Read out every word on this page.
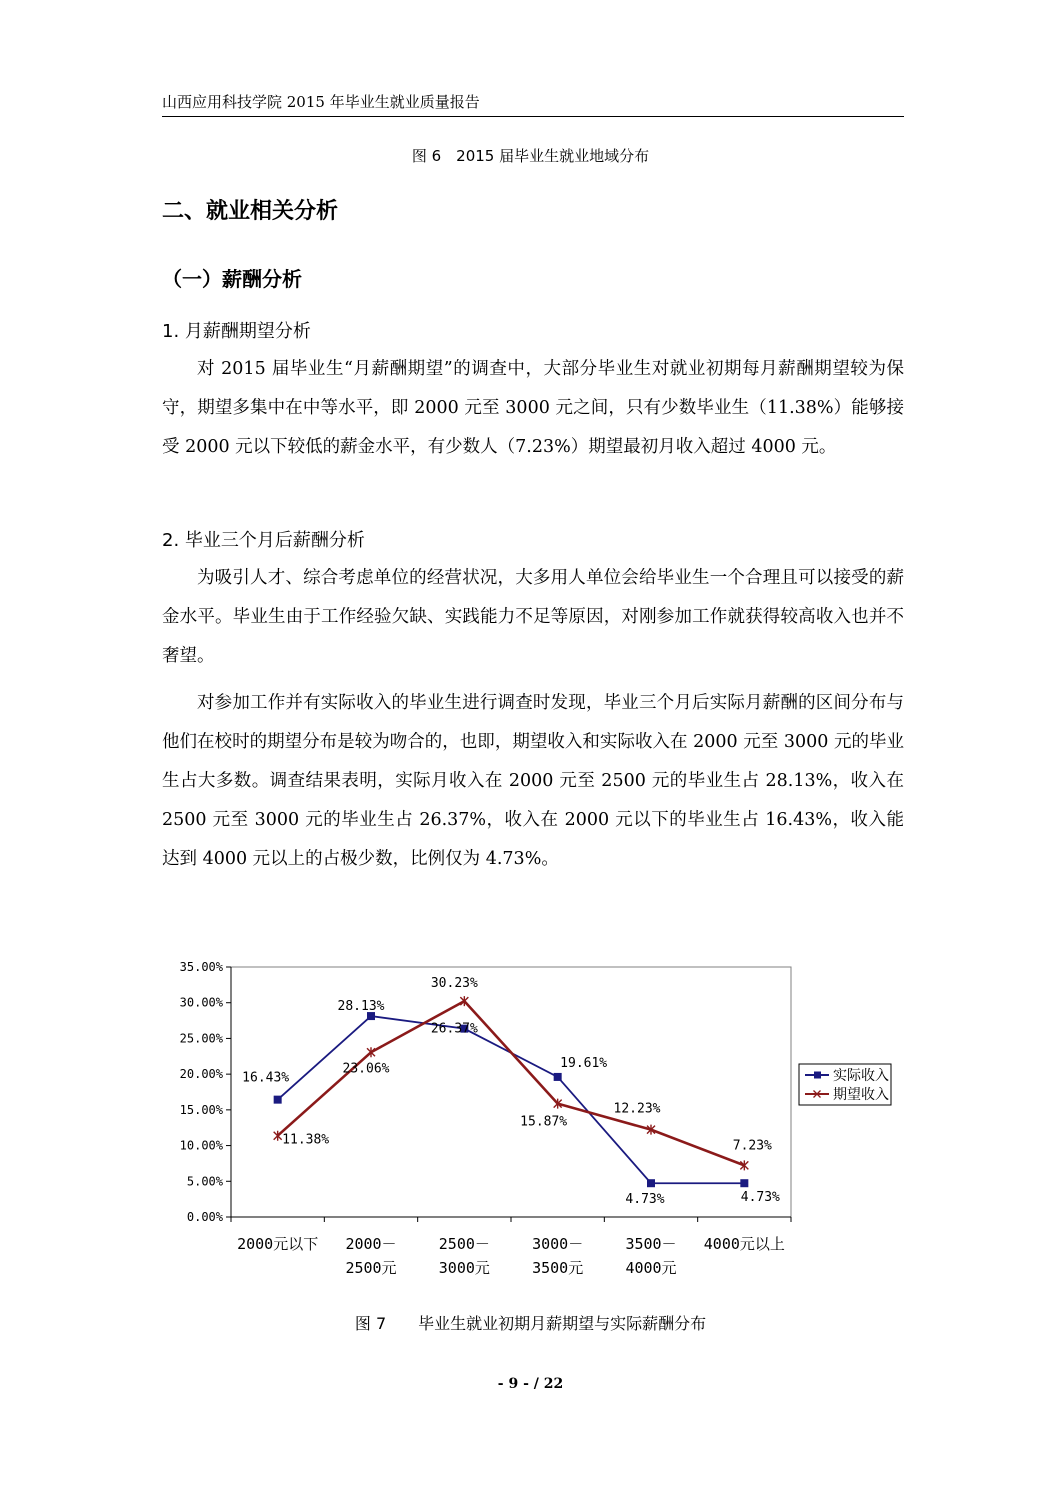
山西应用科技学院 2015 年毕业生就业质量报告
图 6　2015 届毕业生就业地域分布
二、就业相关分析
（一）薪酬分析
1. 月薪酬期望分析

对 2015 届毕业生“月薪酬期望”的调查中，大部分毕业生对就业初期每月薪酬期望较为保守，期望多集中在中等水平，即 2000 元至 3000 元之间，只有少数毕业生（11.38%）能够接受 2000 元以下较低的薪金水平，有少数人（7.23%）期望最初月收入超过 4000 元。

2. 毕业三个月后薪酬分析

为吸引人才、综合考虑单位的经营状况，大多用人单位会给毕业生一个合理且可以接受的薪金水平。毕业生由于工作经验欠缺、实践能力不足等原因，对刚参加工作就获得较高收入也并不奢望。

对参加工作并有实际收入的毕业生进行调查时发现，毕业三个月后实际月薪酬的区间分布与他们在校时的期望分布是较为吻合的，也即，期望收入和实际收入在 2000 元至 3000 元的毕业生占大多数。调查结果表明，实际月收入在 2000 元至 2500 元的毕业生占 28.13%，收入在 2500 元至 3000 元的毕业生占 26.37%，收入在 2000 元以下的毕业生占 16.43%，收入能达到 4000 元以上的占极少数，比例仅为 4.73%。

0.00%
5.00%
10.00%
15.00%
20.00%
25.00%
30.00%
35.00%
2000元以下 2000－
2500元
2500－
3000元
3000－
3500元
3500－
4000元
4000元以上
16.43%
28.13%
26.37%
19.61%
4.73%	4.73%
11.38%
23.06%
30.23%
15.87%
12.23%
7.23%
实际收入
期望收入
图 7　　毕业生就业初期月薪期望与实际薪酬分布
- 9 - / 22
